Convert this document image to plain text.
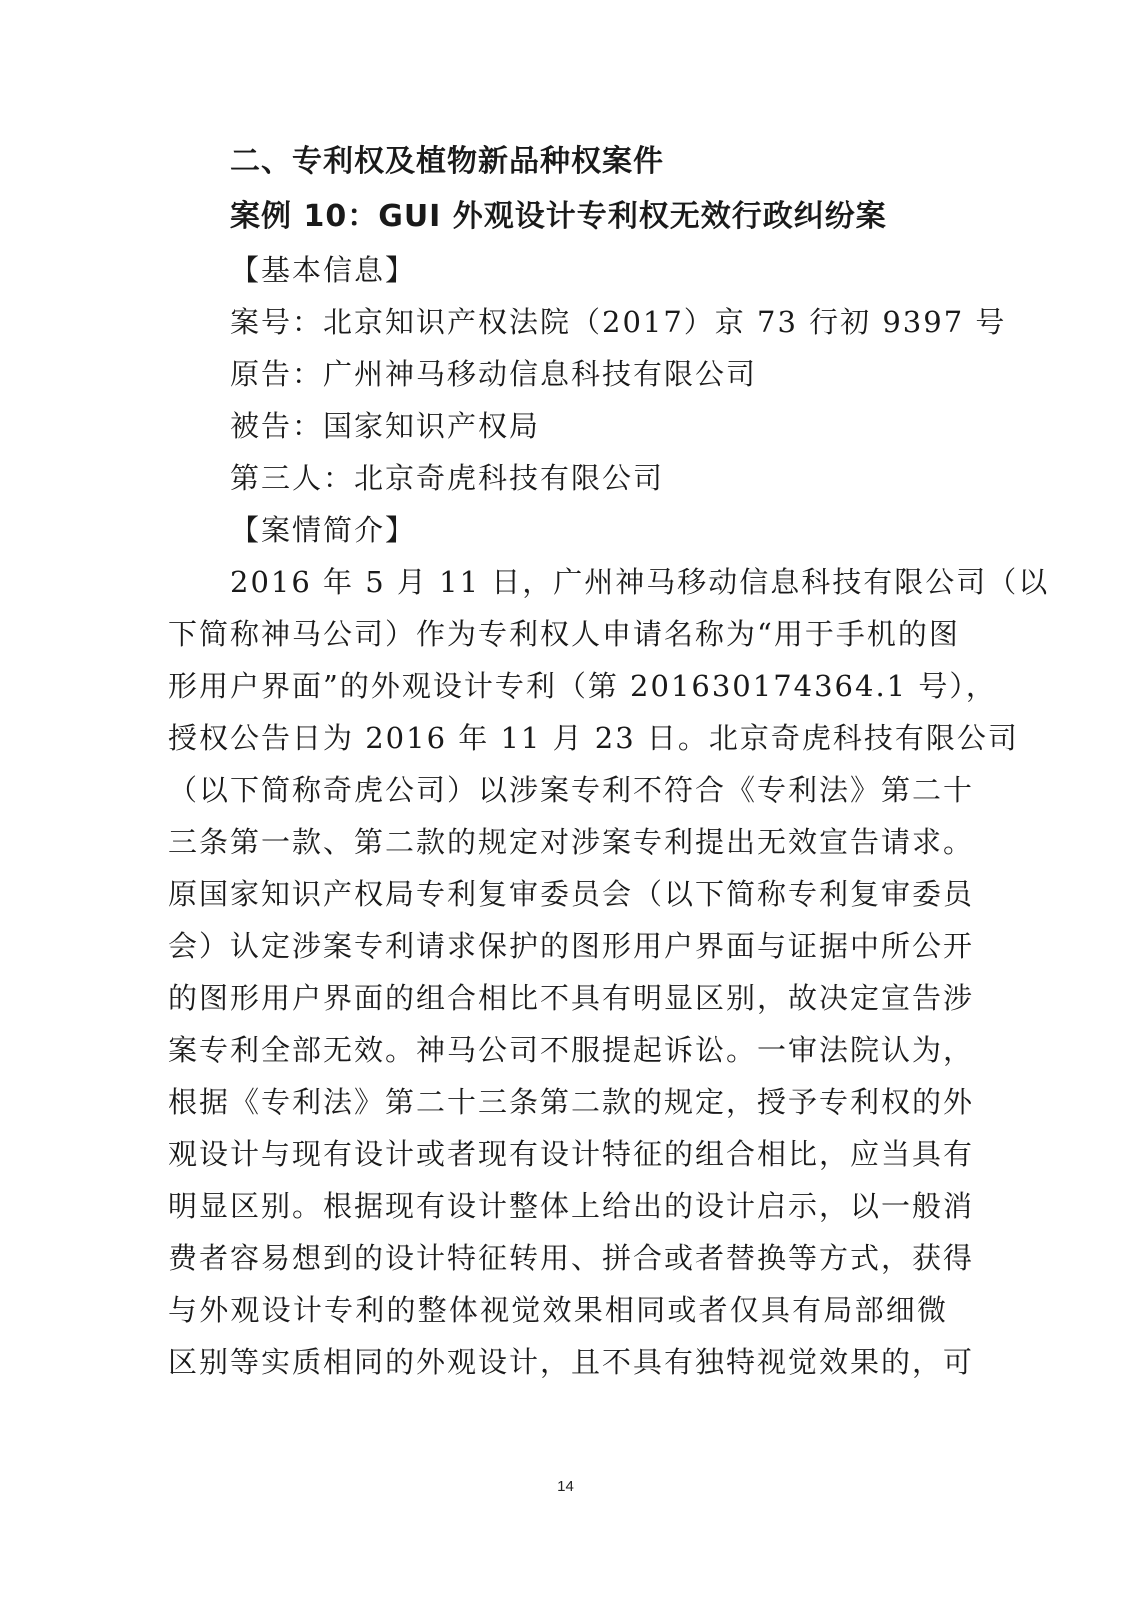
二、专利权及植物新品种权案件
案例 10：GUI 外观设计专利权无效行政纠纷案
【基本信息】
案号：北京知识产权法院（2017）京 73 行初 9397 号
原告：广州神马移动信息科技有限公司
被告：国家知识产权局
第三人：北京奇虎科技有限公司
【案情简介】
2016 年 5 月 11 日，广州神马移动信息科技有限公司（以
下简称神马公司）作为专利权人申请名称为“用于手机的图
形用户界面”的外观设计专利（第 201630174364.1 号），
授权公告日为 2016 年 11 月 23 日。北京奇虎科技有限公司
（以下简称奇虎公司）以涉案专利不符合《专利法》第二十
三条第一款、第二款的规定对涉案专利提出无效宣告请求。
原国家知识产权局专利复审委员会（以下简称专利复审委员
会）认定涉案专利请求保护的图形用户界面与证据中所公开
的图形用户界面的组合相比不具有明显区别，故决定宣告涉
案专利全部无效。神马公司不服提起诉讼。一审法院认为，
根据《专利法》第二十三条第二款的规定，授予专利权的外
观设计与现有设计或者现有设计特征的组合相比，应当具有
明显区别。根据现有设计整体上给出的设计启示，以一般消
费者容易想到的设计特征转用、拼合或者替换等方式，获得
与外观设计专利的整体视觉效果相同或者仅具有局部细微
区别等实质相同的外观设计，且不具有独特视觉效果的，可
14
